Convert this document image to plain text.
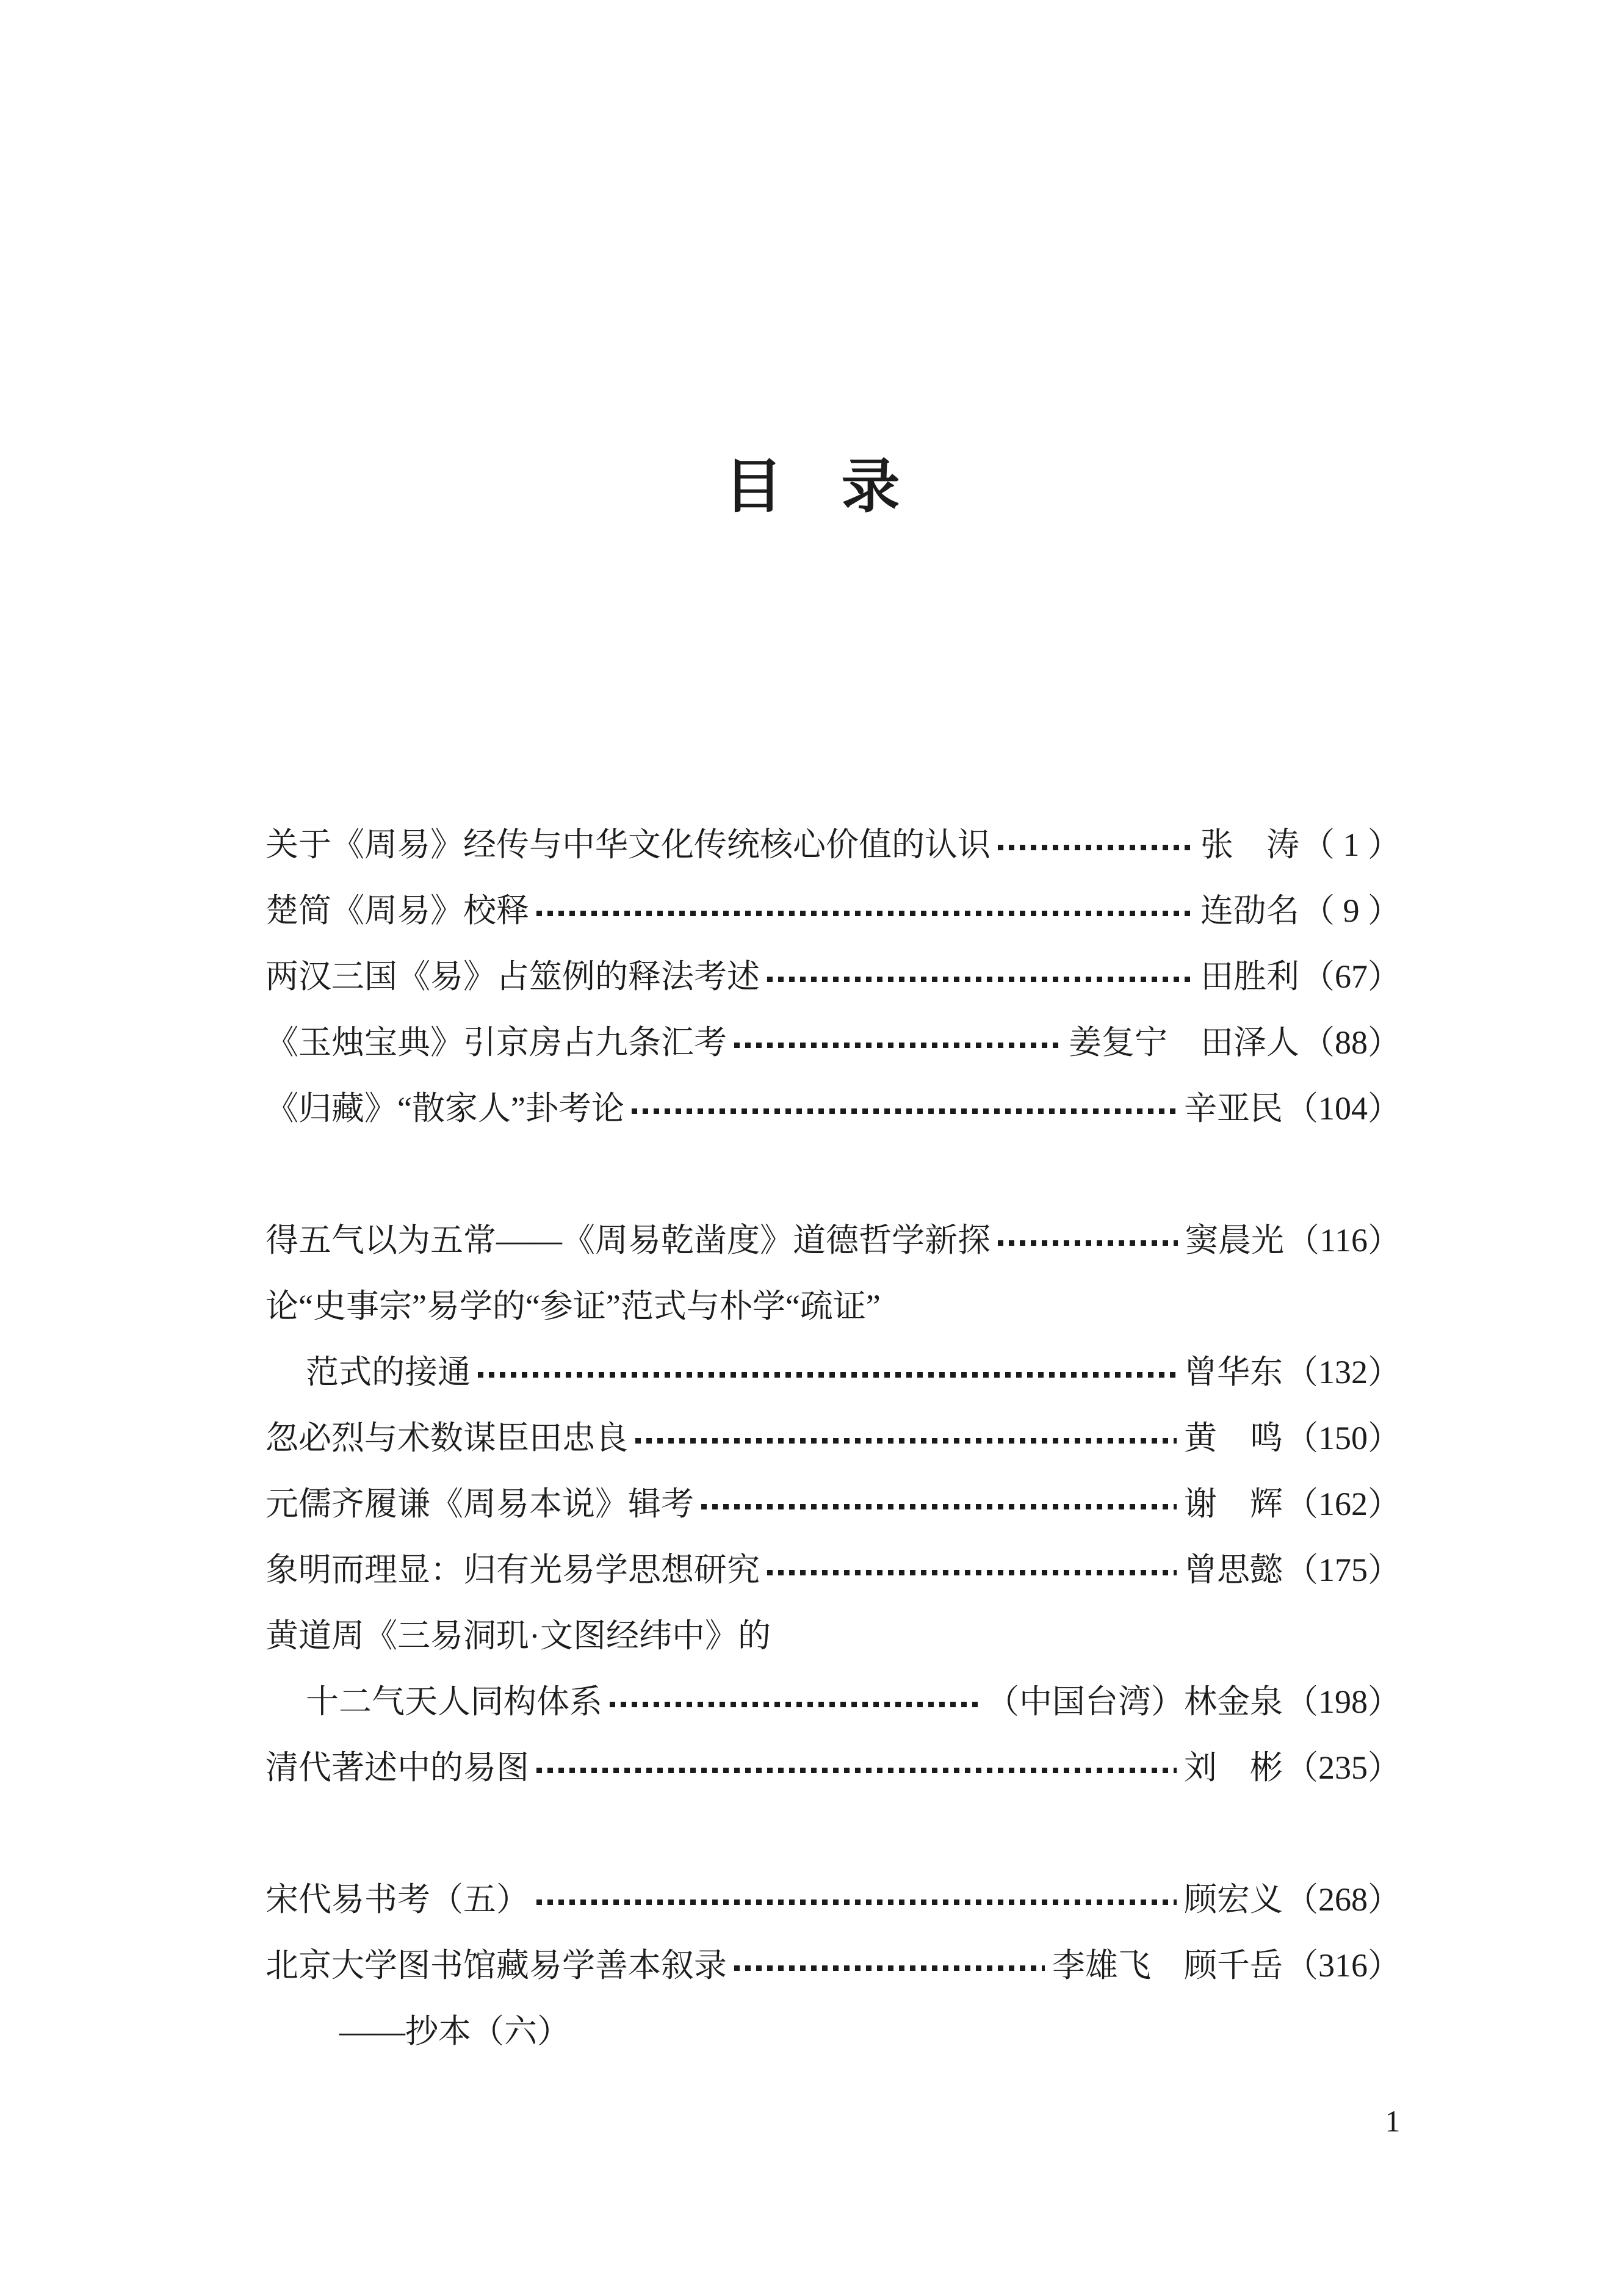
目　录
关于《周易》经传与中华文化传统核心价值的认识	张　涛 （ 1 ）
楚简《周易》校释	连劭名 （ 9 ）
两汉三国《易》占筮例的释法考述	田胜利 （67）
《玉烛宝典》引京房占九条汇考	姜复宁　田泽人 （88）
《归藏》“散家人”卦考论	辛亚民 （104）
得五气以为五常——《周易乾凿度》道德哲学新探	窦晨光 （116）
论“史事宗”易学的“参证”范式与朴学“疏证”
范式的接通	曾华东 （132）
忽必烈与术数谋臣田忠良	黄　鸣 （150）
元儒齐履谦《周易本说》辑考	谢　辉 （162）
象明而理显：归有光易学思想研究	曾思懿 （175）
黄道周《三易洞玑·文图经纬中》的
十二气天人同构体系	（中国台湾）林金泉 （198）
清代著述中的易图	刘　彬 （235）
宋代易书考（五）	顾宏义 （268）
北京大学图书馆藏易学善本叙录	李雄飞　顾千岳 （316）
——抄本（六）
1
